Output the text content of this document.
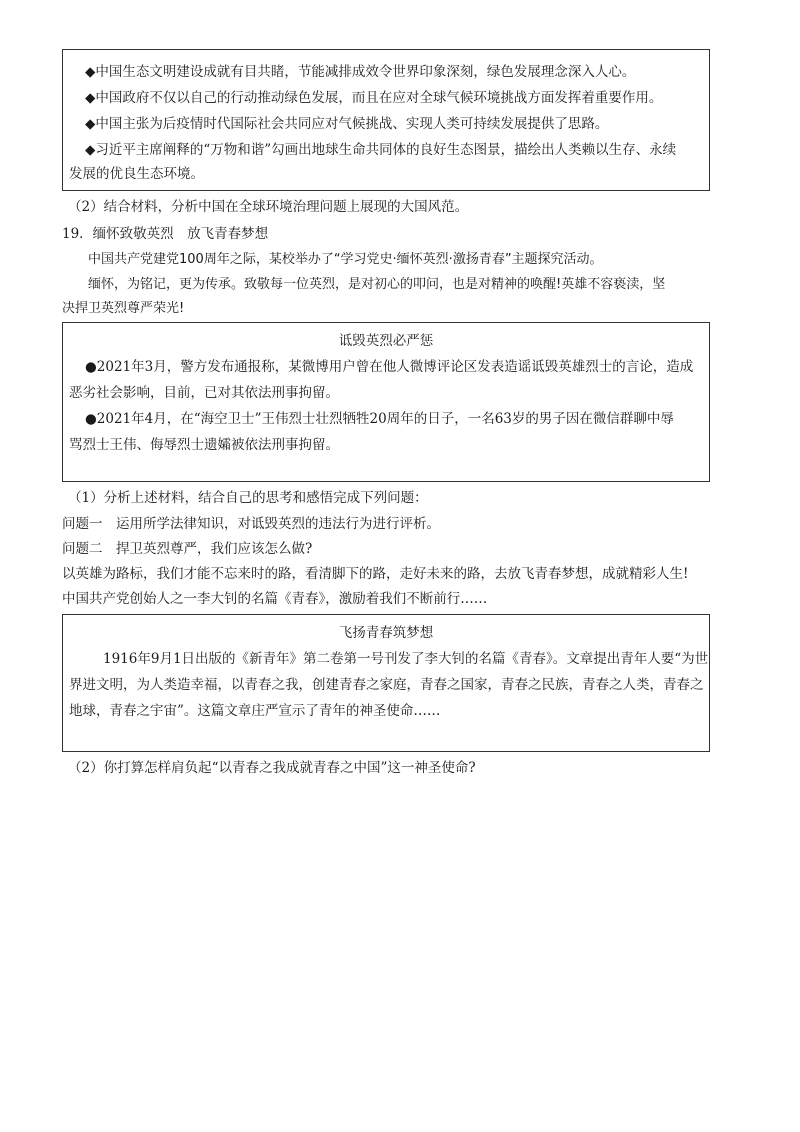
◆中国生态文明建设成就有目共睹，节能减排成效令世界印象深刻，绿色发展理念深入人心。
◆中国政府不仅以自己的行动推动绿色发展，而且在应对全球气候环境挑战方面发挥着重要作用。
◆中国主张为后疫情时代国际社会共同应对气候挑战、实现人类可持续发展提供了思路。
◆习近平主席阐释的“万物和谐”勾画出地球生命共同体的良好生态图景，描绘出人类赖以生存、永续
发展的优良生态环境。
（2）结合材料，分析中国在全球环境治理问题上展现的大国风范。
19．缅怀致敬英烈　放飞青春梦想
中国共产党建党100周年之际，某校举办了“学习党史·缅怀英烈·激扬青春”主题探究活动。
缅怀，为铭记，更为传承。致敬每一位英烈，是对初心的叩问，也是对精神的唤醒!英雄不容亵渎，坚
决捍卫英烈尊严荣光!
诋毁英烈必严惩
●2021年3月，警方发布通报称，某微博用户曾在他人微博评论区发表造谣诋毁英雄烈士的言论，造成
恶劣社会影响，目前，已对其依法刑事拘留。
●2021年4月，在“海空卫士”王伟烈士壮烈牺牲20周年的日子，一名63岁的男子因在微信群聊中辱
骂烈士王伟、侮辱烈士遗孀被依法刑事拘留。
（1）分析上述材料，结合自己的思考和感悟完成下列问题：
问题一　运用所学法律知识，对诋毁英烈的违法行为进行评析。
问题二　捍卫英烈尊严，我们应该怎么做?
以英雄为路标，我们才能不忘来时的路，看清脚下的路，走好未来的路，去放飞青春梦想，成就精彩人生!
中国共产党创始人之一李大钊的名篇《青春》，激励着我们不断前行……
飞扬青春筑梦想
1916年9月1日出版的《新青年》第二卷第一号刊发了李大钊的名篇《青春》。文章提出青年人要“为世
界进文明，为人类造幸福，以青春之我，创建青春之家庭，青春之国家，青春之民族，青春之人类，青春之
地球，青春之宇宙”。这篇文章庄严宣示了青年的神圣使命……
（2）你打算怎样肩负起“以青春之我成就青春之中国”这一神圣使命?
